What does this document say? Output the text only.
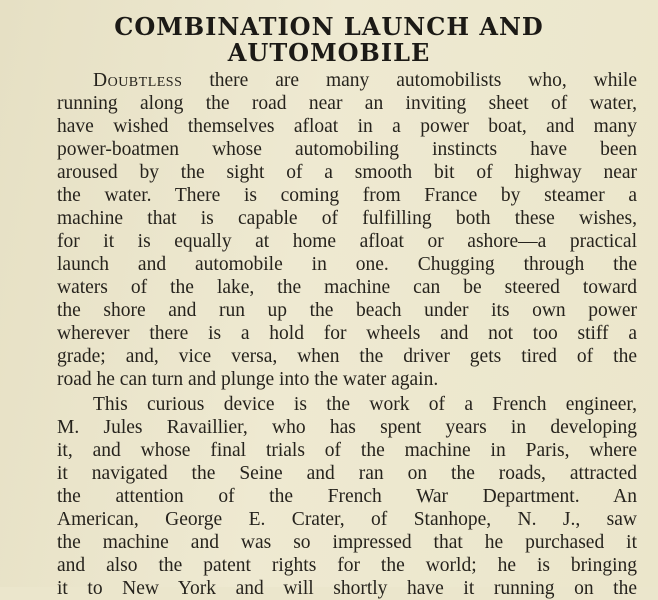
COMBINATION LAUNCH AND
AUTOMOBILE

Doubtless there are many automobilists who, while

running along the road near an inviting sheet of water,

have wished themselves afloat in a power boat, and many

power-boatmen whose automobiling instincts have been

aroused by the sight of a smooth bit of highway near

the water. There is coming from France by steamer a

machine that is capable of fulfilling both these wishes,

for it is equally at home afloat or ashore—a practical

launch and automobile in one. Chugging through the

waters of the lake, the machine can be steered toward

the shore and run up the beach under its own power

wherever there is a hold for wheels and not too stiff a

grade; and, vice versa, when the driver gets tired of the

road he can turn and plunge into the water again.

This curious device is the work of a French engineer,

M. Jules Ravaillier, who has spent years in developing

it, and whose final trials of the machine in Paris, where

it navigated the Seine and ran on the roads, attracted

the attention of the French War Department. An

American, George E. Crater, of Stanhope, N. J., saw

the machine and was so impressed that he purchased it

and also the patent rights for the world; he is bringing

it to New York and will shortly have it running on the
